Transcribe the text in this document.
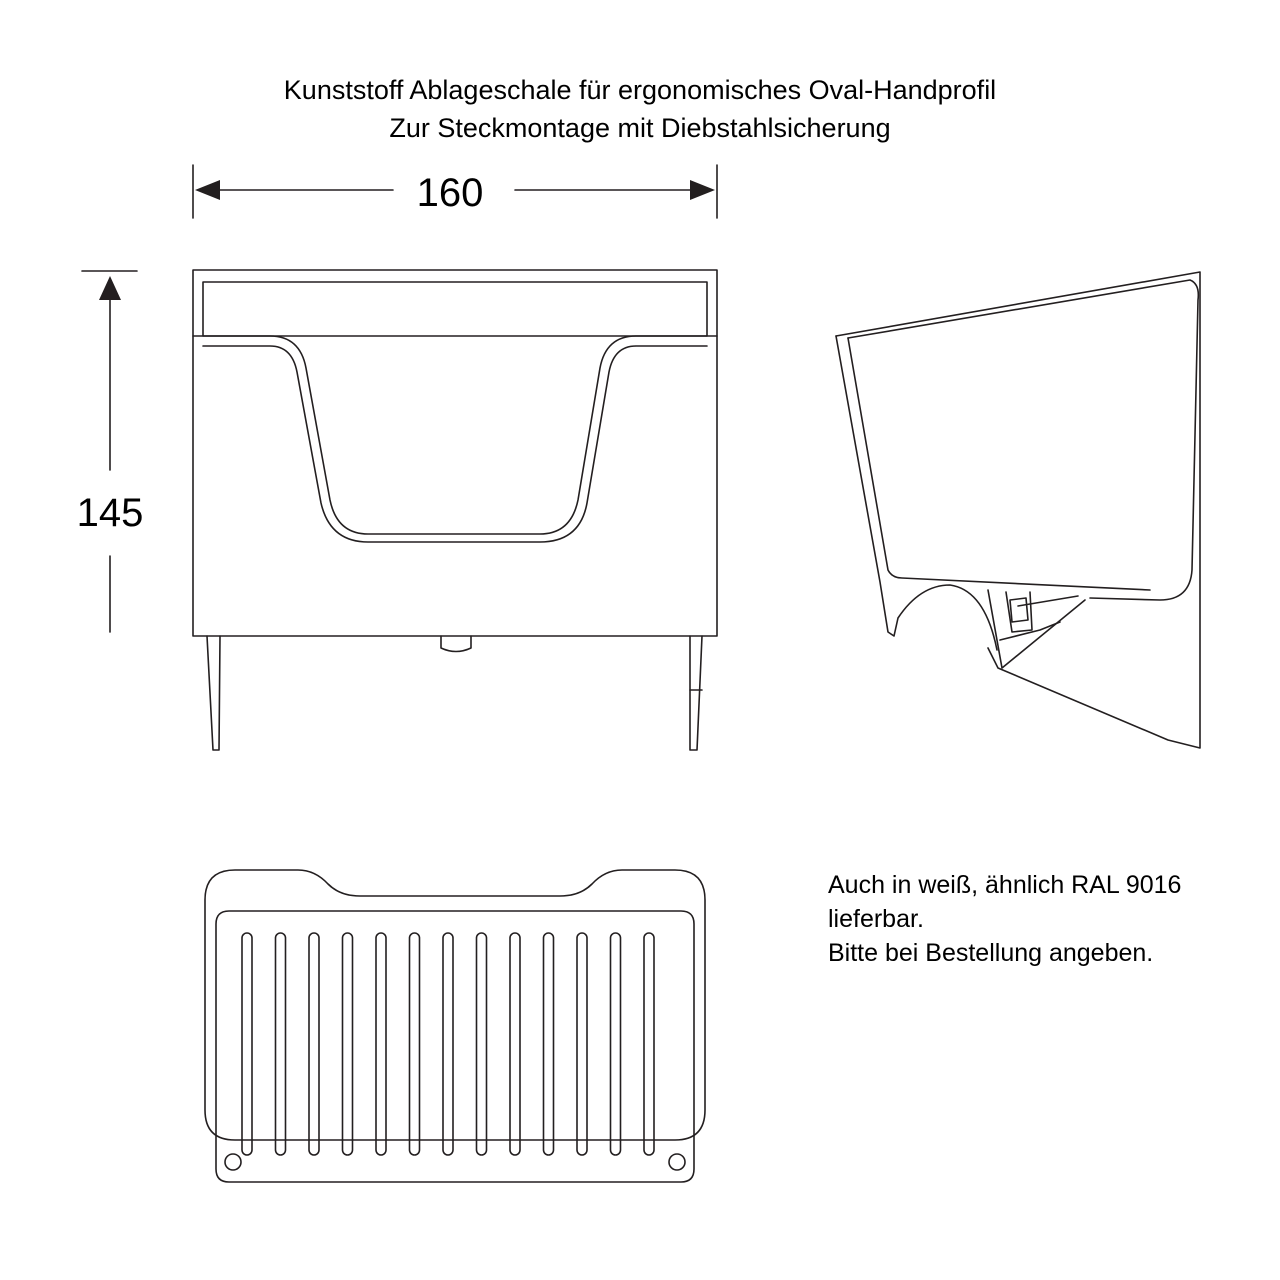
Kunststoff Ablageschale für ergonomisches Oval-Handprofil
Zur Steckmontage mit Diebstahlsicherung
160
145
Auch in weiß, ähnlich RAL 9016
lieferbar.
Bitte bei Bestellung angeben.
